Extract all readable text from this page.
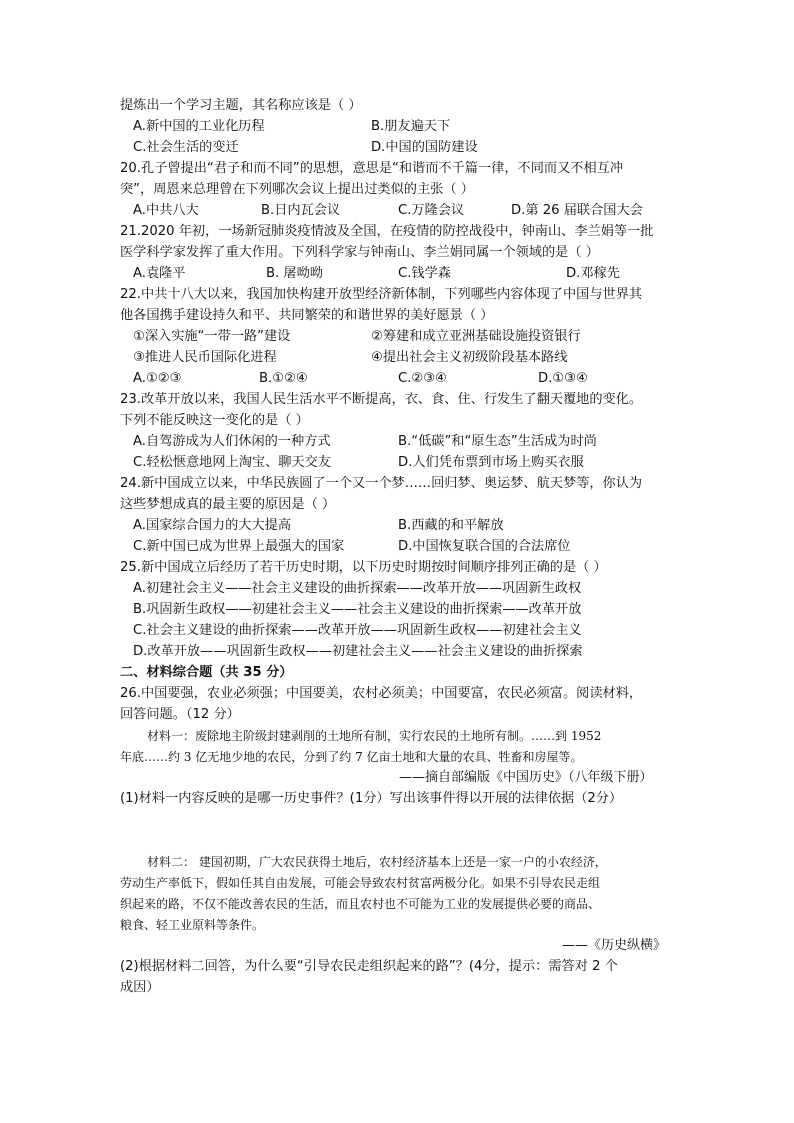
提炼出一个学习主题，其名称应该是（ ）
A.新中国的工业化历程	B.朋友遍天下
C.社会生活的变迁	D.中国的国防建设
20.孔子曾提出“君子和而不同”的思想，意思是“和谐而不千篇一律，不同而又不相互冲
突”，周恩来总理曾在下列哪次会议上提出过类似的主张（ ）
A.中共八大	B.日内瓦会议	C.万隆会议	D.第 26 届联合国大会
21.2020 年初，一场新冠肺炎疫情波及全国，在疫情的防控战役中，钟南山、李兰娟等一批
医学科学家发挥了重大作用。下列科学家与钟南山、李兰娟同属一个领域的是（ ）
A.袁隆平	B. 屠呦呦	C.钱学森	D.邓稼先
22.中共十八大以来，我国加快构建开放型经济新体制，下列哪些内容体现了中国与世界其
他各国携手建设持久和平、共同繁荣的和谐世界的美好愿景（ ）
①深入实施“一带一路”建设	②筹建和成立亚洲基础设施投资银行
③推进人民币国际化进程	④提出社会主义初级阶段基本路线
A.①②③	B.①②④	C.②③④	D.①③④
23.改革开放以来，我国人民生活水平不断提高，衣、食、住、行发生了翻天覆地的变化。
下列不能反映这一变化的是（ ）
A.自驾游成为人们休闲的一种方式	B.“低碳”和“原生态”生活成为时尚
C.轻松惬意地网上淘宝、聊天交友	D.人们凭布票到市场上购买衣服
24.新中国成立以来，中华民族圆了一个又一个梦……回归梦、奥运梦、航天梦等，你认为
这些梦想成真的最主要的原因是（ ）
A.国家综合国力的大大提高	B.西藏的和平解放
C.新中国已成为世界上最强大的国家	D.中国恢复联合国的合法席位
25.新中国成立后经历了若干历史时期，以下历史时期按时间顺序排列正确的是（ ）
A.初建社会主义——社会主义建设的曲折探索——改革开放——巩固新生政权
B.巩固新生政权——初建社会主义——社会主义建设的曲折探索——改革开放
C.社会主义建设的曲折探索——改革开放——巩固新生政权——初建社会主义
D.改革开放——巩固新生政权——初建社会主义——社会主义建设的曲折探索
二、材料综合题（共 35 分）
26.中国要强，农业必须强；中国要美，农村必须美；中国要富，农民必须富。阅读材料，
回答问题。（12 分）
材料一：废除地主阶级封建剥削的土地所有制，实行农民的土地所有制。……到 1952
年底……约 3 亿无地少地的农民，分到了约 7 亿亩土地和大量的农具、牲畜和房屋等。
——摘自部编版《中国历史》（八年级下册）
(1)材料一内容反映的是哪一历史事件？(1分）写出该事件得以开展的法律依据（2分）
材料二： 建国初期，广大农民获得土地后，农村经济基本上还是一家一户的小农经济，
劳动生产率低下，假如任其自由发展，可能会导致农村贫富两极分化。如果不引导农民走组
织起来的路，不仅不能改善农民的生活，而且农村也不可能为工业的发展提供必要的商品、
粮食、轻工业原料等条件。
——《历史纵横》
(2)根据材料二回答，为什么要“引导农民走组织起来的路”？(4分，提示：需答对 2 个
成因）
